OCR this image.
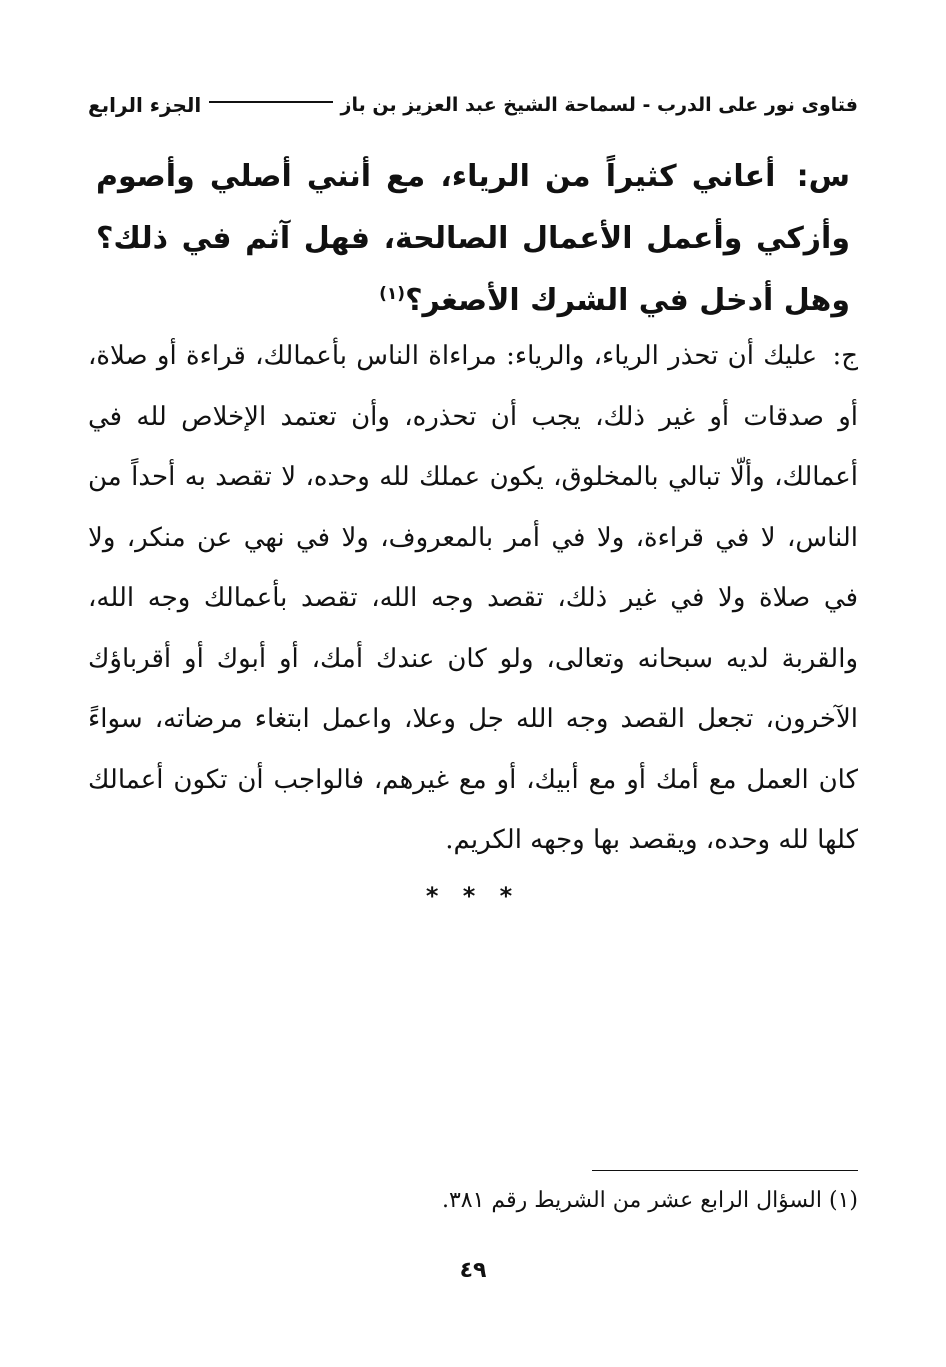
فتاوى نور على الدرب - لسماحة الشيخ عبد العزيز بن باز
الجزء الرابع
س: أعاني كثيراً من الرياء، مع أنني أصلي وأصوم وأزكي وأعمل الأعمال الصالحة، فهل آثم في ذلك؟ وهل أدخل في الشرك الأصغر؟$^{(١)}$
ج: عليك أن تحذر الرياء، والرياء: مراءاة الناس بأعمالك، قراءة أو صلاة، أو صدقات أو غير ذلك، يجب أن تحذره، وأن تعتمد الإخلاص لله في أعمالك، وألّا تبالي بالمخلوق، يكون عملك لله وحده، لا تقصد به أحداً من الناس، لا في قراءة، ولا في أمر بالمعروف، ولا في نهي عن منكر، ولا في صلاة ولا في غير ذلك، تقصد وجه الله، تقصد بأعمالك وجه الله، والقربة لديه سبحانه وتعالى، ولو كان عندك أمك، أو أبوك أو أقرباؤك الآخرون، تجعل القصد وجه الله جل وعلا، واعمل ابتغاء مرضاته، سواءً كان العمل مع أمك أو مع أبيك، أو مع غيرهم، فالواجب أن تكون أعمالك كلها لله وحده، ويقصد بها وجهه الكريم.
* * *
(١) السؤال الرابع عشر من الشريط رقم ٣٨١.
٤٩
